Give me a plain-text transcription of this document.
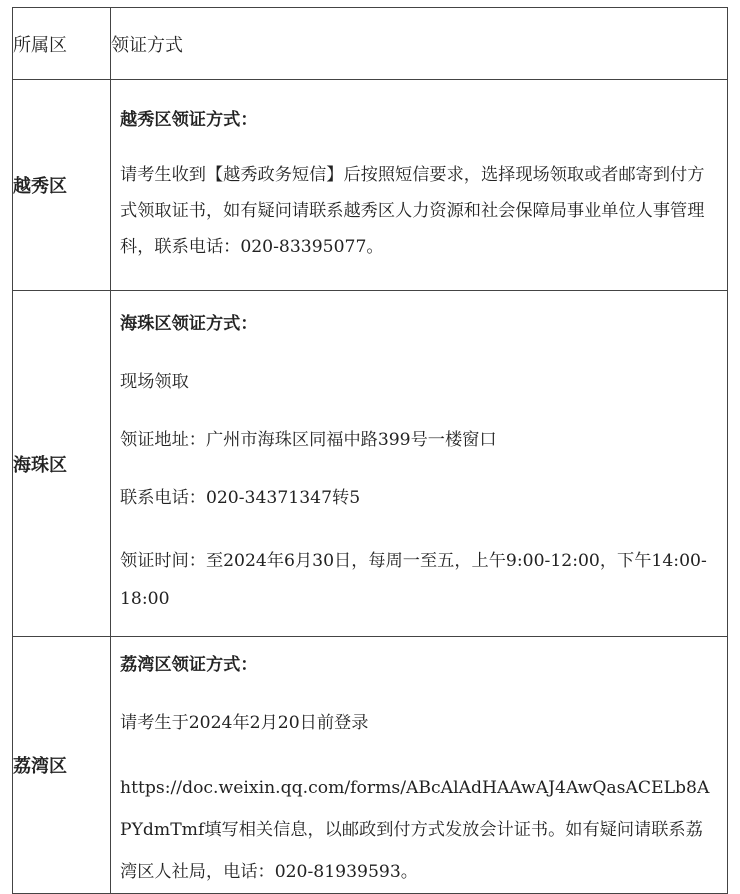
所属区	领证方式
越秀区	越秀区领证方式：

请考生收到【越秀政务短信】后按照短信要求，选择现场领取或者邮寄到付方式领取证书，如有疑问请联系越秀区人力资源和社会保障局事业单位人事管理科，联系电话：020-83395077。

海珠区	海珠区领证方式：

现场领取

领证地址：广州市海珠区同福中路399号一楼窗口

联系电话：020-34371347转5

领证时间：至2024年6月30日，每周一至五，上午9:00-12:00，下午14:00-18:00

荔湾区	荔湾区领证方式：

请考生于2024年2月20日前登录

https://doc.weixin.qq.com/forms/ABcAlAdHAAwAJ4AwQasACELb8APYdmTmf填写相关信息，以邮政到付方式发放会计证书。如有疑问请联系荔湾区人社局，电话：020-81939593。
